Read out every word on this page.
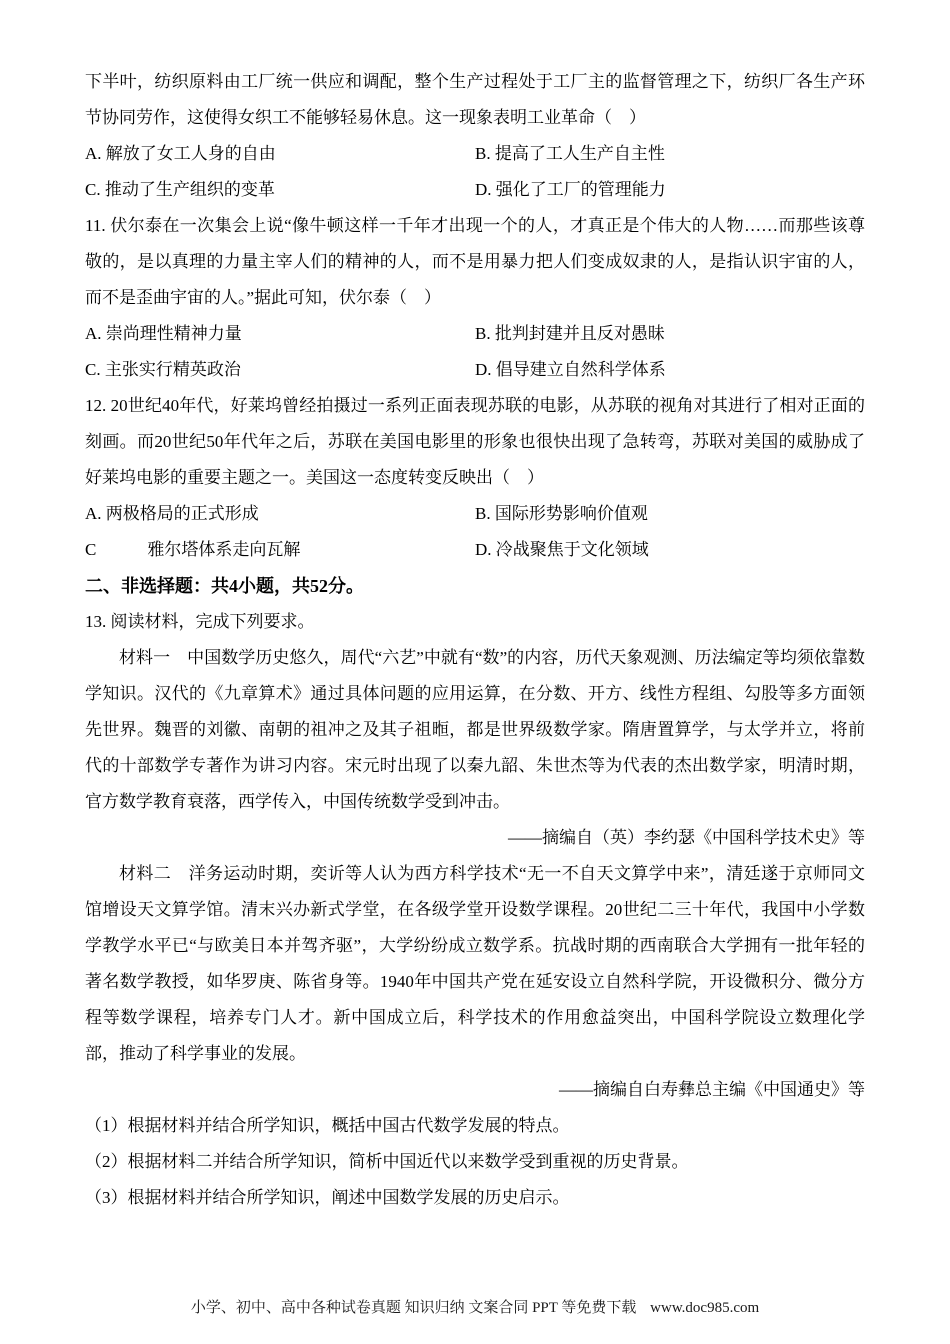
下半叶，纺织原料由工厂统一供应和调配，整个生产过程处于工厂主的监督管理之下，纺织厂各生产环节协同劳作，这使得女织工不能够轻易休息。这一现象表明工业革命（　）

A. 解放了女工人身的自由	B. 提高了工人生产自主性
C. 推动了生产组织的变革	D. 强化了工厂的管理能力

11. 伏尔泰在一次集会上说“像牛顿这样一千年才出现一个的人，才真正是个伟大的人物……而那些该尊敬的，是以真理的力量主宰人们的精神的人，而不是用暴力把人们变成奴隶的人，是指认识宇宙的人，而不是歪曲宇宙的人。”据此可知，伏尔泰（　）

A. 崇尚理性精神力量	B. 批判封建并且反对愚昧
C. 主张实行精英政治	D. 倡导建立自然科学体系

12. 20世纪40年代，好莱坞曾经拍摄过一系列正面表现苏联的电影，从苏联的视角对其进行了相对正面的刻画。而20世纪50年代年之后，苏联在美国电影里的形象也很快出现了急转弯，苏联对美国的威胁成了好莱坞电影的重要主题之一。美国这一态度转变反映出（　）

A. 两极格局的正式形成	B. 国际形势影响价值观
C　　　雅尔塔体系走向瓦解	D. 冷战聚焦于文化领域
二、非选择题：共4小题，共52分。

13. 阅读材料，完成下列要求。

材料一　中国数学历史悠久，周代“六艺”中就有“数”的内容，历代天象观测、历法编定等均须依靠数学知识。汉代的《九章算术》通过具体问题的应用运算，在分数、开方、线性方程组、勾股等多方面领先世界。魏晋的刘徽、南朝的祖冲之及其子祖暅，都是世界级数学家。隋唐置算学，与太学并立，将前代的十部数学专著作为讲习内容。宋元时出现了以秦九韶、朱世杰等为代表的杰出数学家，明清时期，官方数学教育衰落，西学传入，中国传统数学受到冲击。

——摘编自（英）李约瑟《中国科学技术史》等

材料二　洋务运动时期，奕䜣等人认为西方科学技术“无一不自天文算学中来”，清廷遂于京师同文馆增设天文算学馆。清末兴办新式学堂，在各级学堂开设数学课程。20世纪二三十年代，我国中小学数学教学水平已“与欧美日本并驾齐驱”，大学纷纷成立数学系。抗战时期的西南联合大学拥有一批年轻的著名数学教授，如华罗庚、陈省身等。1940年中国共产党在延安设立自然科学院，开设微积分、微分方程等数学课程，培养专门人才。新中国成立后，科学技术的作用愈益突出，中国科学院设立数理化学部，推动了科学事业的发展。

——摘编自白寿彝总主编《中国通史》等

（1）根据材料并结合所学知识，概括中国古代数学发展的特点。

（2）根据材料二并结合所学知识，简析中国近代以来数学受到重视的历史背景。

（3）根据材料并结合所学知识，阐述中国数学发展的历史启示。

小学、初中、高中各种试卷真题 知识归纳 文案合同 PPT 等免费下载 www.doc985.com
